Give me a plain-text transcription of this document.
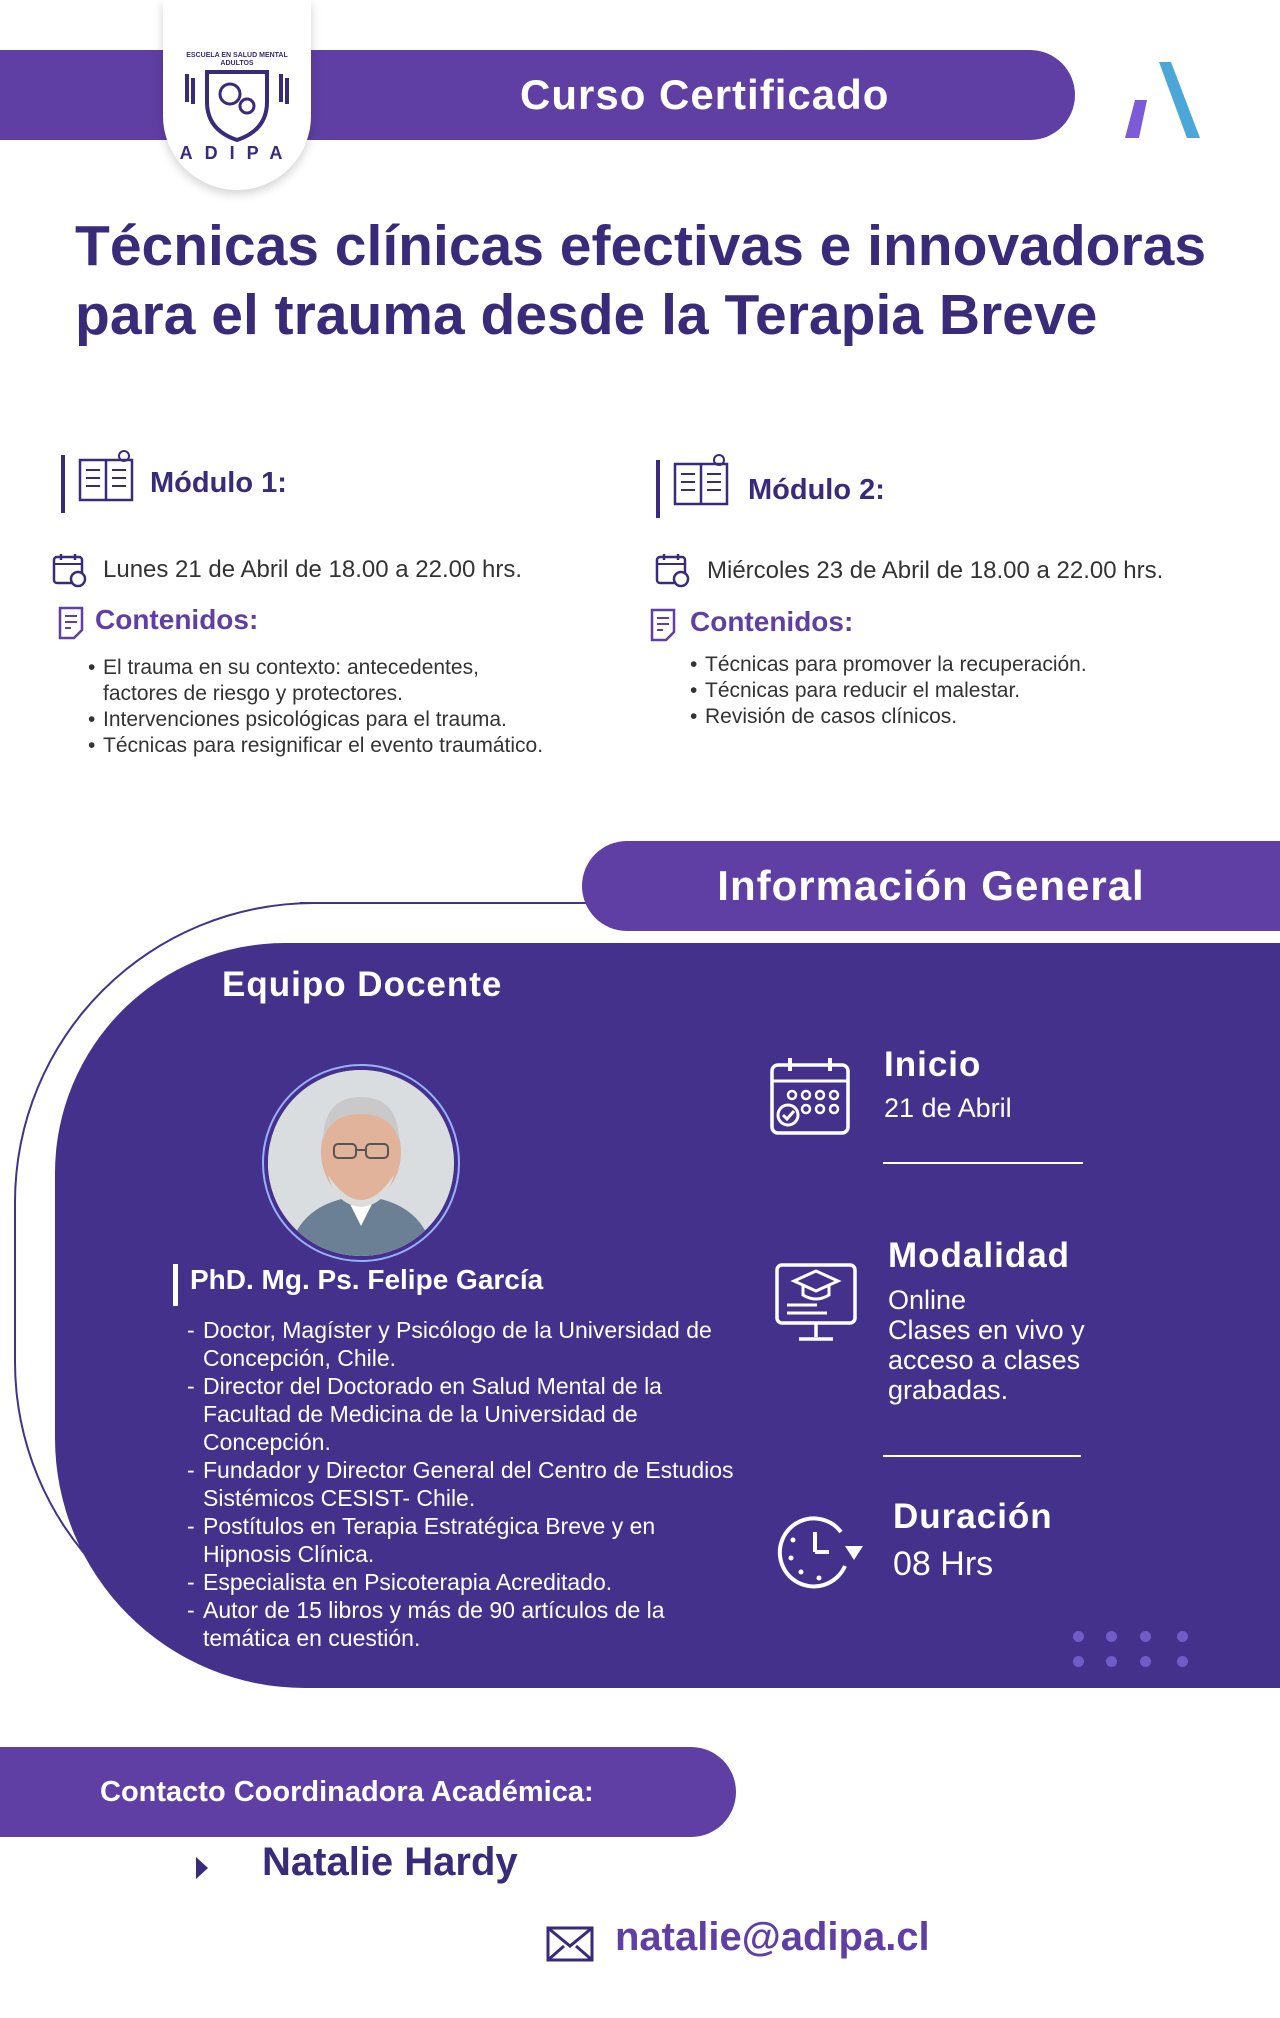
Curso Certificado
ESCUELA EN SALUD MENTAL ADULTOS
ADIPA
Técnicas clínicas efectivas e innovadoras para el trauma desde la Terapia Breve
Módulo 1:
Lunes 21 de Abril de 18.00 a 22.00 hrs.
Contenidos:
• El trauma en su contexto: antecedentes, factores de riesgo y protectores.
• Intervenciones psicológicas para el trauma.
• Técnicas para resignificar el evento traumático.
Módulo 2:
Miércoles 23 de Abril de 18.00 a 22.00 hrs.
Contenidos:
• Técnicas para promover la recuperación.
• Técnicas para reducir el malestar.
• Revisión de casos clínicos.
Información General
Equipo Docente
PhD. Mg. Ps. Felipe García
- Doctor, Magíster y Psicólogo de la Universidad de Concepción, Chile.
- Director del Doctorado en Salud Mental de la Facultad de Medicina de la Universidad de Concepción.
- Fundador y Director General del Centro de Estudios Sistémicos CESIST- Chile.
- Postítulos en Terapia Estratégica Breve y en Hipnosis Clínica.
- Especialista en Psicoterapia Acreditado.
- Autor de 15 libros y más de 90 artículos de la temática en cuestión.
Inicio
21 de Abril
Modalidad
Online
Clases en vivo y
acceso a clases
grabadas.
Duración
08 Hrs
Contacto Coordinadora Académica:
Natalie Hardy
natalie@adipa.cl
